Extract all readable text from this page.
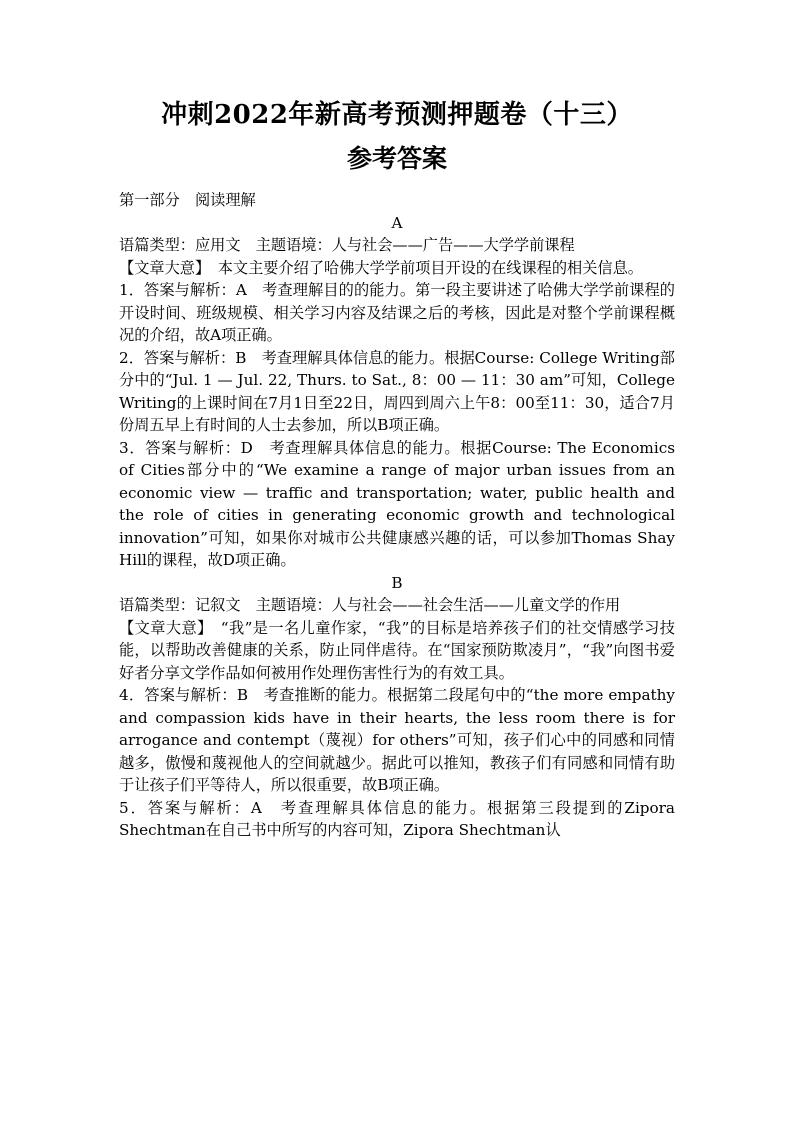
冲刺2022年新高考预测押题卷（十三）
参考答案

第一部分　阅读理解

A

语篇类型：应用文　主题语境：人与社会——广告——大学学前课程

【文章大意】　本文主要介绍了哈佛大学学前项目开设的在线课程的相关信息。

1．答案与解析：A　考查理解目的的能力。第一段主要讲述了哈佛大学学前课程的开设时间、班级规模、相关学习内容及结课之后的考核，因此是对整个学前课程概况的介绍，故A项正确。

2．答案与解析：B　考查理解具体信息的能力。根据Course: College Writing部分中的“Jul. 1 — Jul. 22, Thurs. to Sat., 8：00 — 11：30 am”可知，College Writing的上课时间在7月1日至22日，周四到周六上午8：00至11：30，适合7月份周五早上有时间的人士去参加，所以B项正确。

3．答案与解析：D　考查理解具体信息的能力。根据Course: The Economics of Cities部分中的“We examine a range of major urban issues from an economic view — traffic and transportation; water, public health and the role of cities in generating economic growth and technological innovation”可知，如果你对城市公共健康感兴趣的话，可以参加Thomas Shay Hill的课程，故D项正确。

B

语篇类型：记叙文　主题语境：人与社会——社会生活——儿童文学的作用

【文章大意】　“我”是一名儿童作家，“我”的目标是培养孩子们的社交情感学习技能，以帮助改善健康的关系，防止同伴虐待。在“国家预防欺凌月”，“我”向图书爱好者分享文学作品如何被用作处理伤害性行为的有效工具。

4．答案与解析：B　考查推断的能力。根据第二段尾句中的“the more empathy and compassion kids have in their hearts, the less room there is for arrogance and contempt（蔑视）for others”可知，孩子们心中的同感和同情越多，傲慢和蔑视他人的空间就越少。据此可以推知，教孩子们有同感和同情有助于让孩子们平等待人，所以很重要，故B项正确。

5．答案与解析：A　考查理解具体信息的能力。根据第三段提到的Zipora Shechtman在自己书中所写的内容可知，Zipora Shechtman认
